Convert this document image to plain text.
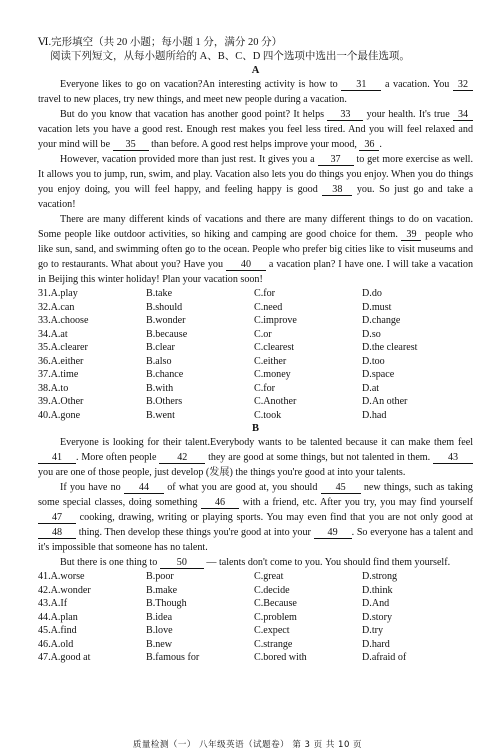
Ⅵ.完形填空（共 20 小题；每小题 1 分，满分 20 分）
阅读下列短文，从每小题所给的 A、B、C、D 四个选项中选出一个最佳选项。
A

Everyone likes to go on vacation?An interesting activity is how to 31 a vacation. You 32travel to new places, try new things, and meet new people during a vacation.

But do you know that vacation has another good point? It helps 33 your health. It's true 34 vacation lets you have a good rest. Enough rest makes you feel less tired. And you will feel relaxed and your mind will be 35 than before. A good rest helps improve your mood, 36 .

However, vacation provided more than just rest. It gives you a 37 to get more exercise as well. It allows you to jump, run, swim, and play. Vacation also lets you do things you enjoy. When you do things you enjoy doing, you will feel happy, and feeling happy is good 38 you. So just go and take a vacation!

There are many different kinds of vacations and there are many different things to do on vacation. Some people like outdoor activities, so hiking and camping are good choice for them. 39 people who like sun, sand, and swimming often go to the ocean. People who prefer big cities like to visit museums and go to restaurants. What about you? Have you 40 a vacation plan? I have one. I will take a vacation in Beijing this winter holiday! Plan your vacation soon!

31.A.play	B.take	C.for	D.do
32.A.can	B.should	C.need	D.must
33.A.choose	B.wonder	C.improve	D.change
34.A.at	B.because	C.or	D.so
35.A.clearer	B.clear	C.clearest	D.the clearest
36.A.either	B.also	C.either	D.too
37.A.time	B.chance	C.money	D.space
38.A.to	B.with	C.for	D.at
39.A.Other	B.Others	C.Another	D.An other
40.A.gone	B.went	C.took	D.had
B

Everyone is looking for their talent.Everybody wants to be talented because it can make them feel 41 . More often people 42 they are good at some things, but not talented in them. 43 you are one of those people, just develop (发展) the things you're good at into your talents.

If you have no 44 of what you are good at, you should 45 new things, such as taking some special classes, doing something 46 with a friend, etc. After you try, you may find yourself 47 cooking, drawing, writing or playing sports. You may even find that you are not only good at 48 thing. Then develop these things you're good at into your 49 . So everyone has a talent and it's impossible that someone has no talent.

But there is one thing to 50 — talents don't come to you. You should find them yourself.

41.A.worse	B.poor	C.great	D.strong
42.A.wonder	B.make	C.decide	D.think
43.A.If	B.Though	C.Because	D.And
44.A.plan	B.idea	C.problem	D.story
45.A.find	B.love	C.expect	D.try
46.A.old	B.new	C.strange	D.hard
47.A.good at	B.famous for	C.bored with	D.afraid of
质量检测（一） 八年级英语（试题卷） 第 3 页 共 10 页
